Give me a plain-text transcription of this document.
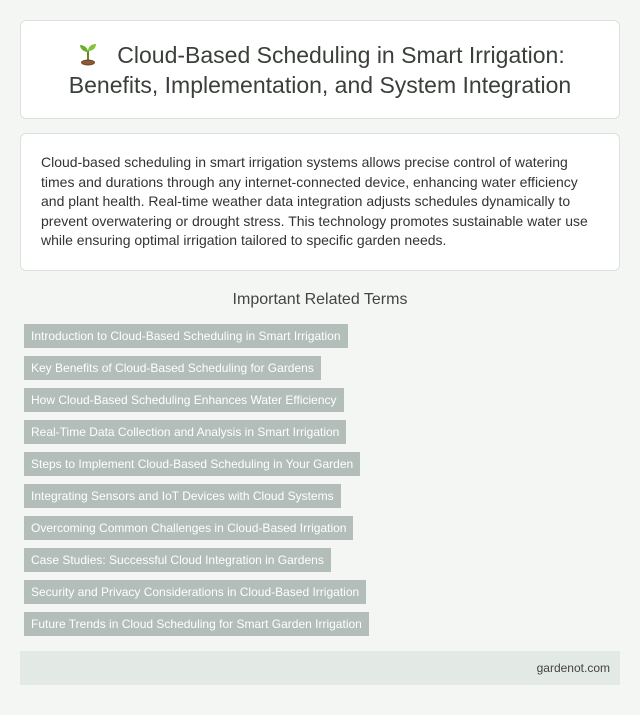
Cloud-Based Scheduling in Smart Irrigation: Benefits, Implementation, and System Integration

Cloud-based scheduling in smart irrigation systems allows precise control of watering times and durations through any internet-connected device, enhancing water efficiency and plant health. Real-time weather data integration adjusts schedules dynamically to prevent overwatering or drought stress. This technology promotes sustainable water use while ensuring optimal irrigation tailored to specific garden needs.

Important Related Terms
Introduction to Cloud-Based Scheduling in Smart Irrigation
Key Benefits of Cloud-Based Scheduling for Gardens
How Cloud-Based Scheduling Enhances Water Efficiency
Real-Time Data Collection and Analysis in Smart Irrigation
Steps to Implement Cloud-Based Scheduling in Your Garden
Integrating Sensors and IoT Devices with Cloud Systems
Overcoming Common Challenges in Cloud-Based Irrigation
Case Studies: Successful Cloud Integration in Gardens
Security and Privacy Considerations in Cloud-Based Irrigation
Future Trends in Cloud Scheduling for Smart Garden Irrigation
gardenot.com
